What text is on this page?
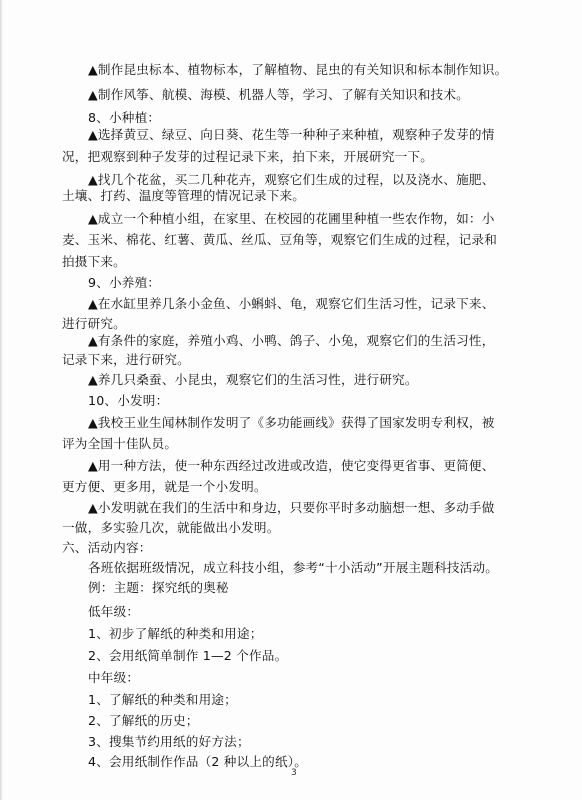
▲制作昆虫标本、植物标本，了解植物、昆虫的有关知识和标本制作知识。
▲制作风筝、航模、海模、机器人等，学习、了解有关知识和技术。
8、小种植：
▲选择黄豆、绿豆、向日葵、花生等一种种子来种植，观察种子发芽的情
况，把观察到种子发芽的过程记录下来，拍下来，开展研究一下。
▲找几个花盆，买二几种花卉，观察它们生成的过程，以及浇水、施肥、
土壤、打药、温度等管理的情况记录下来。
▲成立一个种植小组，在家里、在校园的花圃里种植一些农作物，如：小
麦、玉米、棉花、红薯、黄瓜、丝瓜、豆角等，观察它们生成的过程，记录和
拍摄下来。
9、小养殖：
▲在水缸里养几条小金鱼、小蝌蚪、龟，观察它们生活习性，记录下来、
进行研究。
▲有条件的家庭，养殖小鸡、小鸭、鸽子、小兔，观察它们的生活习性，
记录下来，进行研究。
▲养几只桑蚕、小昆虫，观察它们的生活习性，进行研究。
10、小发明：
▲我校王业生闻林制作发明了《多功能画线》获得了国家发明专利权，被
评为全国十佳队员。
▲用一种方法，使一种东西经过改进或改造，使它变得更省事、更简便、
更方便、更多用，就是一个小发明。
▲小发明就在我们的生活中和身边，只要你平时多动脑想一想、多动手做
一做，多实验几次，就能做出小发明。
六、活动内容：
各班依据班级情况，成立科技小组，参考“十小活动”开展主题科技活动。
例：主题：探究纸的奥秘
低年级：
1、初步了解纸的种类和用途；
2、会用纸简单制作 1—2 个作品。
中年级：
1、了解纸的种类和用途；
2、了解纸的历史；
3、搜集节约用纸的好方法；
4、会用纸制作作品（2 种以上的纸）。
3
